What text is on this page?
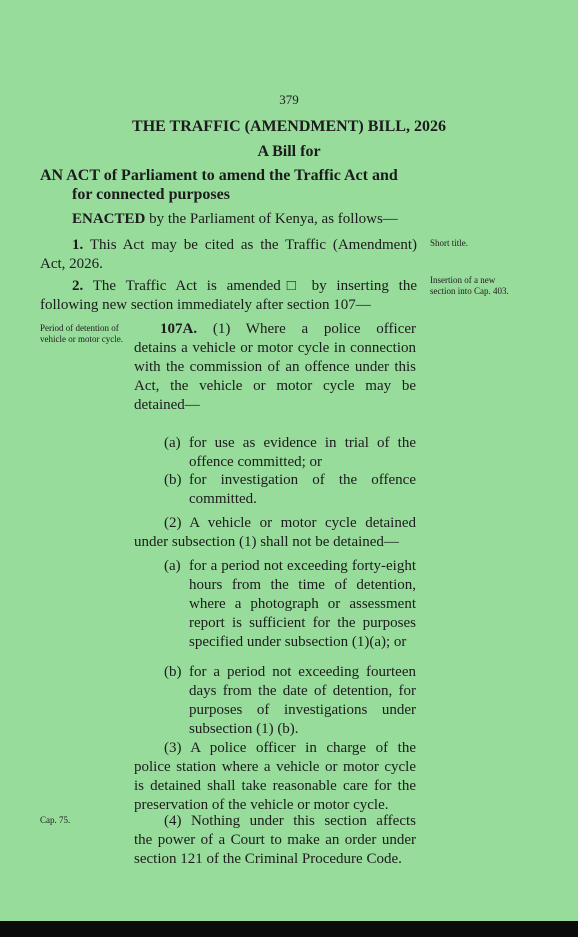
379

THE TRAFFIC (AMENDMENT) BILL, 2026

A Bill for

AN ACT of Parliament to amend the Traffic Act and
for connected purposes

ENACTED by the Parliament of Kenya, as follows—

1. This Act may be cited as the Traffic (Amendment)

Act, 2026.

2. The Traffic Act is amended□ by inserting the

following new section immediately after section 107—

Short title.

Insertion of a new section into Cap. 403.

Period of detention of vehicle or motor cycle.

Cap. 75.

107A. (1) Where a police officer
detains a vehicle or motor cycle in connection with the commission of an offence under this Act, the vehicle or motor cycle may be detained—

(a) for use as evidence in trial of the offence committed; or

(b) for investigation of the offence committed.

(2) A vehicle or motor cycle detained
under subsection (1) shall not be detained—

(a) for a period not exceeding forty-eight hours from the time of detention, where a photograph or assessment report is sufficient for the purposes specified under subsection (1)(a); or

(b) for a period not exceeding fourteen days from the date of detention, for purposes of investigations under subsection (1) (b).

(3) A police officer in charge of the
police station where a vehicle or motor cycle is detained shall take reasonable care for the preservation of the vehicle or motor cycle.

(4) Nothing under this section affects
the power of a Court to make an order under section 121 of the Criminal Procedure Code.
